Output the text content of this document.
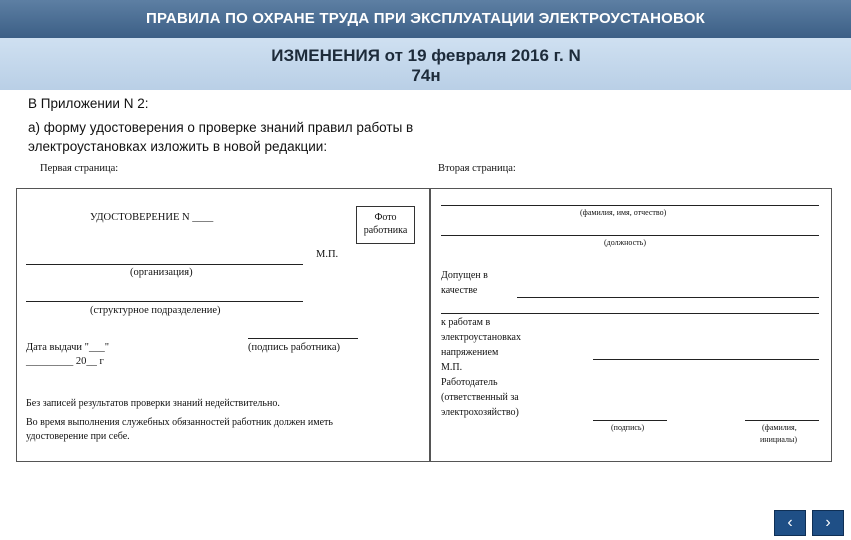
ПРАВИЛА ПО ОХРАНЕ ТРУДА ПРИ ЭКСПЛУАТАЦИИ ЭЛЕКТРОУСТАНОВОК
ИЗМЕНЕНИЯ от 19 февраля 2016 г. N
74н
В Приложении N 2:
а) форму удостоверения о проверке знаний правил работы в
электроустановках изложить в новой редакции:
Первая страница:	Вторая страница:
УДОСТОВЕРЕНИЕ N ____	Фото
работника
М.П.
(организация)
(структурное подразделение)
Дата выдачи "___"	(подпись работника)
_________ 20__ г
Без записей результатов проверки знаний недействительно.
Во время выполнения служебных обязанностей работник должен иметь
удостоверение при себе.
(фамилия, имя, отчество)
(должность)
Допущен в
качестве
к работам в
электроустановках
напряжением
М.П.
Работодатель
(ответственный за
электрохозяйство)
(подпись)	(фамилия,
инициалы)
‹	›
